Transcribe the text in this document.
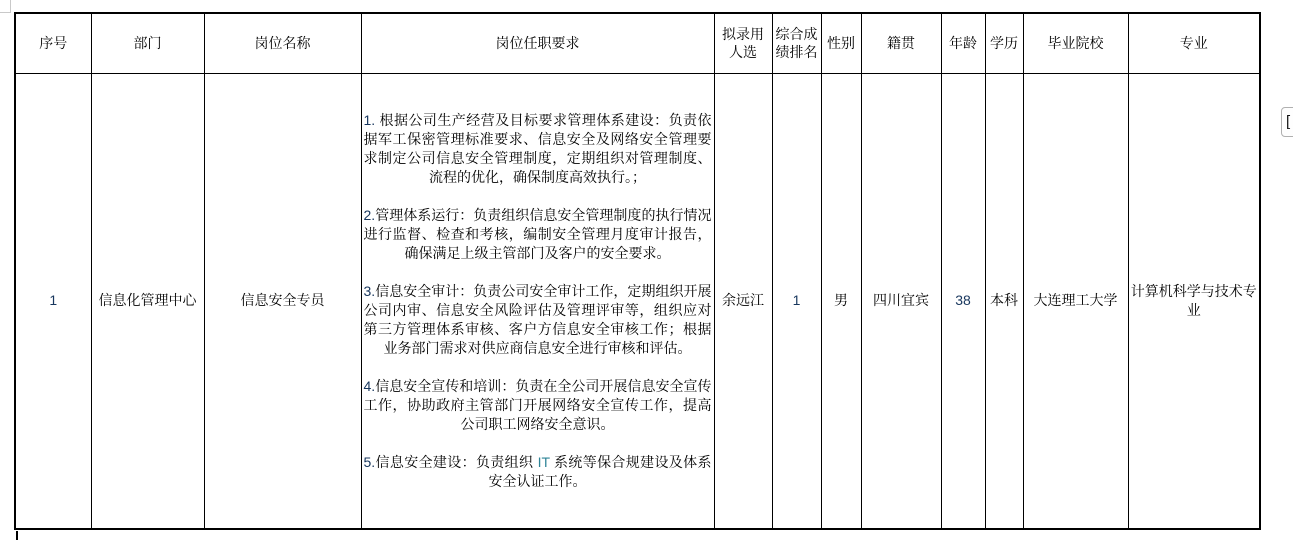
序号	部门	岗位名称	岗位任职要求	拟录用人选	综合成绩排名	性别	籍贯	年龄	学历	毕业院校	专业
1	信息化管理中心	信息安全专员	1. 根据公司生产经营及目标要求管理体系建设：负责依据军工保密管理标准要求、信息安全及网络安全管理要求制定公司信息安全管理制度，定期组织对管理制度、流程的优化，确保制度高效执行。；

2.管理体系运行：负责组织信息安全管理制度的执行情况进行监督、检查和考核，编制安全管理月度审计报告，确保满足上级主管部门及客户的安全要求。

3.信息安全审计：负责公司安全审计工作，定期组织开展公司内审、信息安全风险评估及管理评审等，组织应对第三方管理体系审核、客户方信息安全审核工作；根据业务部门需求对供应商信息安全进行审核和评估。

4.信息安全宣传和培训：负责在全公司开展信息安全宣传工作，协助政府主管部门开展网络安全宣传工作，提高公司职工网络安全意识。

5.信息安全建设：负责组织 IT 系统等保合规建设及体系安全认证工作。	余远江	1	男	四川宜宾	38	本科	大连理工大学	计算机科学与技术专业
[
